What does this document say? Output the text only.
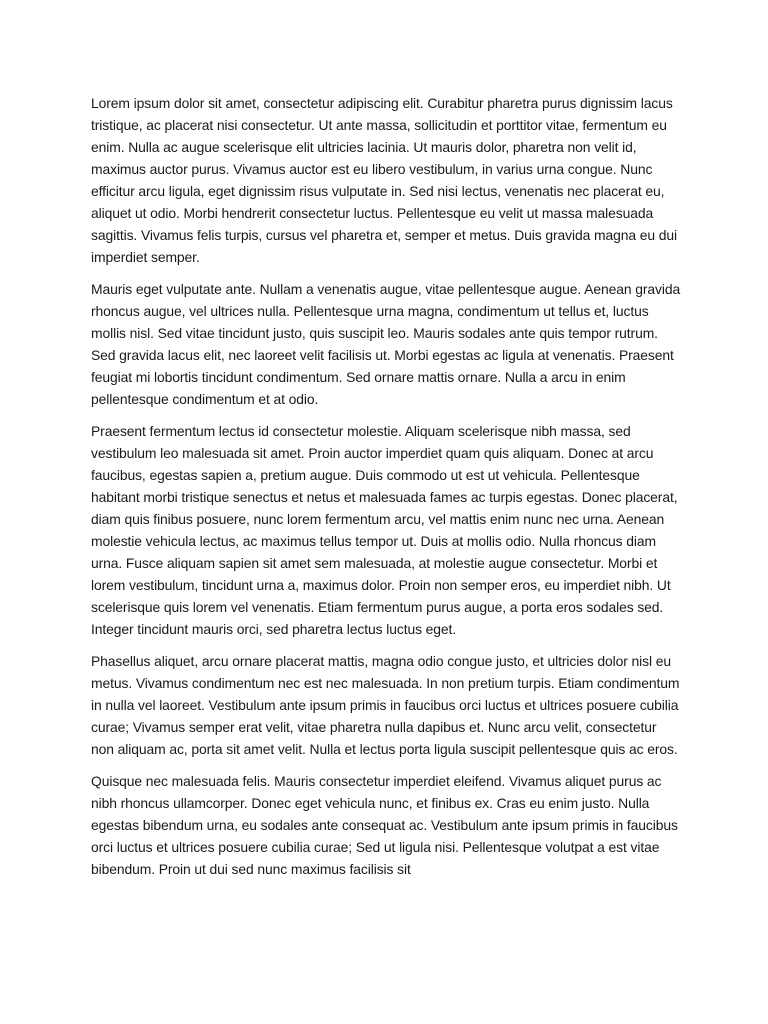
Lorem ipsum dolor sit amet, consectetur adipiscing elit. Curabitur pharetra purus dignissim lacus tristique, ac placerat nisi consectetur. Ut ante massa, sollicitudin et porttitor vitae, fermentum eu enim. Nulla ac augue scelerisque elit ultricies lacinia. Ut mauris dolor, pharetra non velit id, maximus auctor purus. Vivamus auctor est eu libero vestibulum, in varius urna congue. Nunc efficitur arcu ligula, eget dignissim risus vulputate in. Sed nisi lectus, venenatis nec placerat eu, aliquet ut odio. Morbi hendrerit consectetur luctus. Pellentesque eu velit ut massa malesuada sagittis. Vivamus felis turpis, cursus vel pharetra et, semper et metus. Duis gravida magna eu dui imperdiet semper.

Mauris eget vulputate ante. Nullam a venenatis augue, vitae pellentesque augue. Aenean gravida rhoncus augue, vel ultrices nulla. Pellentesque urna magna, condimentum ut tellus et, luctus mollis nisl. Sed vitae tincidunt justo, quis suscipit leo. Mauris sodales ante quis tempor rutrum. Sed gravida lacus elit, nec laoreet velit facilisis ut. Morbi egestas ac ligula at venenatis. Praesent feugiat mi lobortis tincidunt condimentum. Sed ornare mattis ornare. Nulla a arcu in enim pellentesque condimentum et at odio.

Praesent fermentum lectus id consectetur molestie. Aliquam scelerisque nibh massa, sed vestibulum leo malesuada sit amet. Proin auctor imperdiet quam quis aliquam. Donec at arcu faucibus, egestas sapien a, pretium augue. Duis commodo ut est ut vehicula. Pellentesque habitant morbi tristique senectus et netus et malesuada fames ac turpis egestas. Donec placerat, diam quis finibus posuere, nunc lorem fermentum arcu, vel mattis enim nunc nec urna. Aenean molestie vehicula lectus, ac maximus tellus tempor ut. Duis at mollis odio. Nulla rhoncus diam urna. Fusce aliquam sapien sit amet sem malesuada, at molestie augue consectetur. Morbi et lorem vestibulum, tincidunt urna a, maximus dolor. Proin non semper eros, eu imperdiet nibh. Ut scelerisque quis lorem vel venenatis. Etiam fermentum purus augue, a porta eros sodales sed. Integer tincidunt mauris orci, sed pharetra lectus luctus eget.

Phasellus aliquet, arcu ornare placerat mattis, magna odio congue justo, et ultricies dolor nisl eu metus. Vivamus condimentum nec est nec malesuada. In non pretium turpis. Etiam condimentum in nulla vel laoreet. Vestibulum ante ipsum primis in faucibus orci luctus et ultrices posuere cubilia curae; Vivamus semper erat velit, vitae pharetra nulla dapibus et. Nunc arcu velit, consectetur non aliquam ac, porta sit amet velit. Nulla et lectus porta ligula suscipit pellentesque quis ac eros.

Quisque nec malesuada felis. Mauris consectetur imperdiet eleifend. Vivamus aliquet purus ac nibh rhoncus ullamcorper. Donec eget vehicula nunc, et finibus ex. Cras eu enim justo. Nulla egestas bibendum urna, eu sodales ante consequat ac. Vestibulum ante ipsum primis in faucibus orci luctus et ultrices posuere cubilia curae; Sed ut ligula nisi. Pellentesque volutpat a est vitae bibendum. Proin ut dui sed nunc maximus facilisis sit
